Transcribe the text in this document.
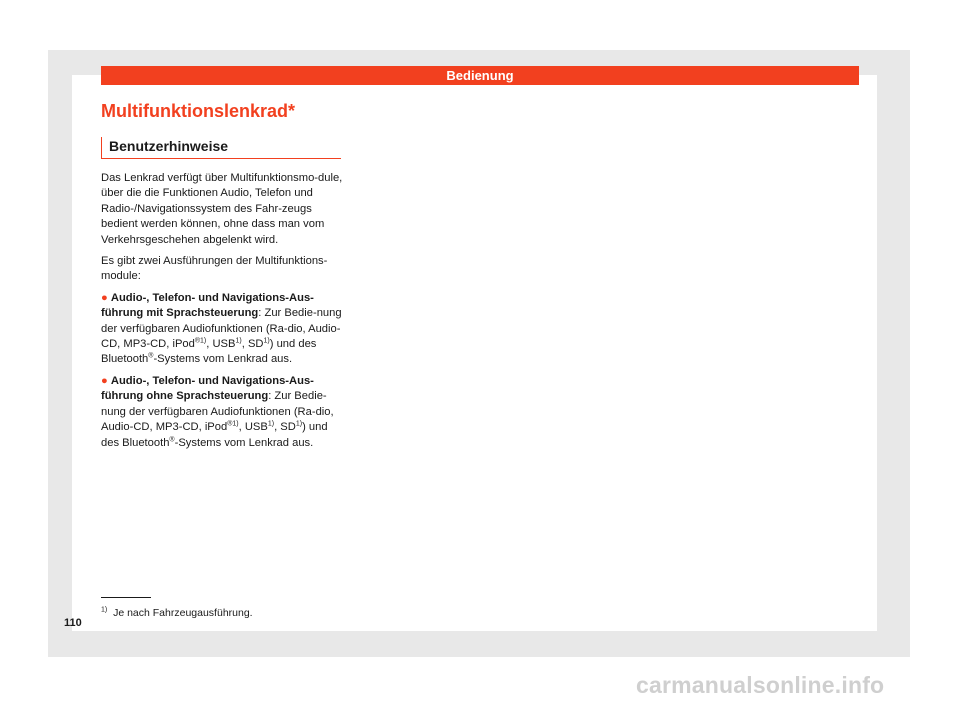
Bedienung
Multifunktionslenkrad*
Benutzerhinweise

Das Lenkrad verfügt über Multifunktionsmo-dule, über die die Funktionen Audio, Telefon und Radio-/Navigationssystem des Fahr-zeugs bedient werden können, ohne dass man vom Verkehrsgeschehen abgelenkt wird.

Es gibt zwei Ausführungen der Multifunktions-module:

● Audio-, Telefon- und Navigations-Aus-führung mit Sprachsteuerung: Zur Bedie-nung der verfügbaren Audiofunktionen (Ra-dio, Audio-CD, MP3-CD, iPod$^{®1)}$, USB$^{1)}$, SD$^{1)}$) und des Bluetooth®-Systems vom Lenkrad aus.
● Audio-, Telefon- und Navigations-Aus-führung ohne Sprachsteuerung: Zur Bedie-nung der verfügbaren Audiofunktionen (Ra-dio, Audio-CD, MP3-CD, iPod$^{®1)}$, USB$^{1)}$, SD$^{1)}$) und des Bluetooth®-Systems vom Lenkrad aus.
$^{1)}$ Je nach Fahrzeugausführung.
110
carmanualsonline.info
